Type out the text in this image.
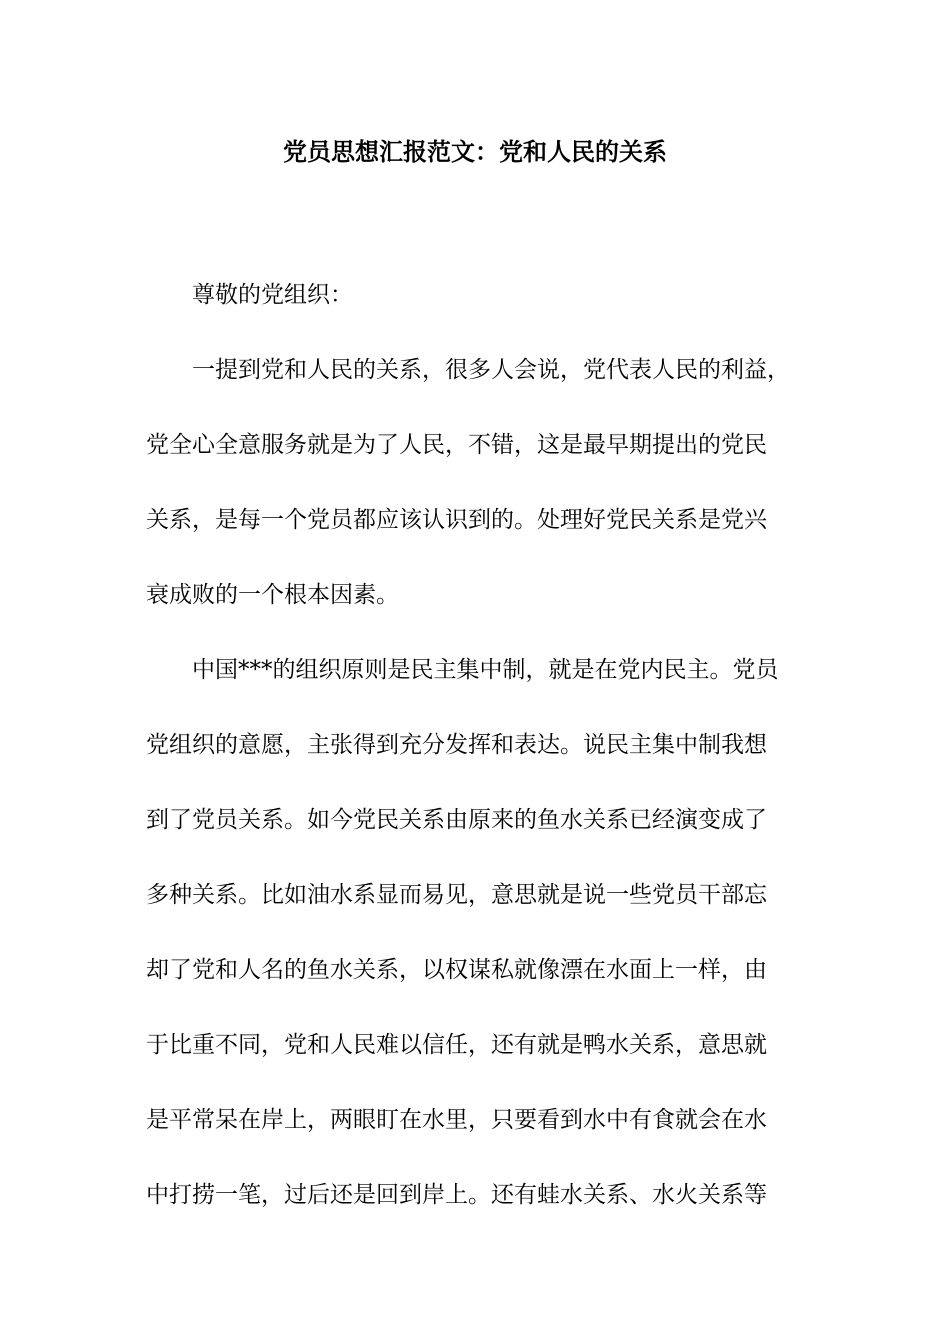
党员思想汇报范文：党和人民的关系

尊敬的党组织：

一提到党和人民的关系，很多人会说，党代表人民的利益，
党全心全意服务就是为了人民，不错，这是最早期提出的党民
关系，是每一个党员都应该认识到的。处理好党民关系是党兴
衰成败的一个根本因素。

中国***的组织原则是民主集中制，就是在党内民主。党员
党组织的意愿，主张得到充分发挥和表达。说民主集中制我想
到了党员关系。如今党民关系由原来的鱼水关系已经演变成了
多种关系。比如油水系显而易见，意思就是说一些党员干部忘
却了党和人名的鱼水关系，以权谋私就像漂在水面上一样，由
于比重不同，党和人民难以信任，还有就是鸭水关系，意思就
是平常呆在岸上，两眼盯在水里，只要看到水中有食就会在水
中打捞一笔，过后还是回到岸上。还有蛙水关系、水火关系等
